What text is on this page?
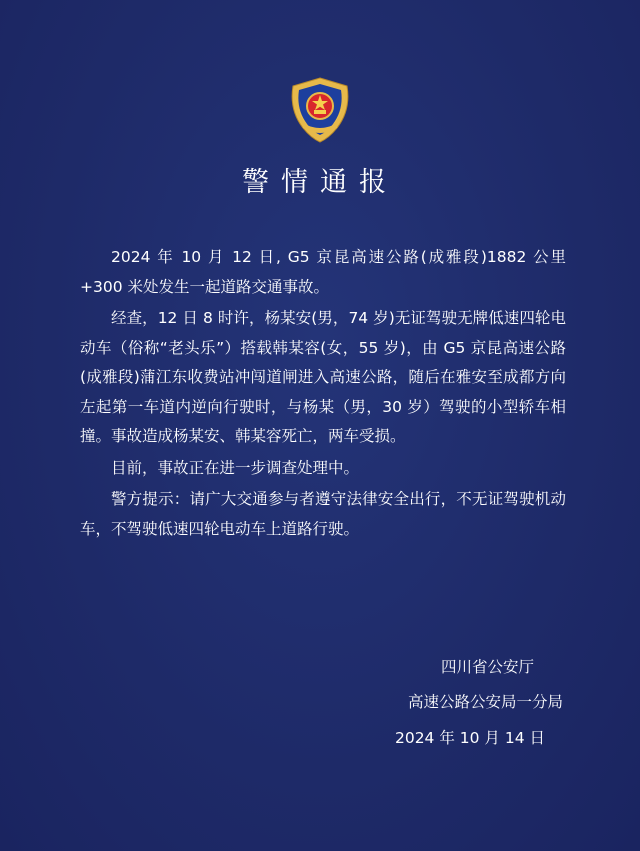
警情通报

2024 年 10 月 12 日, G5 京昆高速公路(成雅段)1882 公里+300 米处发生一起道路交通事故。

经查，12 日 8 时许，杨某安(男，74 岁)无证驾驶无牌低速四轮电动车（俗称“老头乐”）搭载韩某容(女，55 岁)，由 G5 京昆高速公路(成雅段)蒲江东收费站冲闯道闸进入高速公路，随后在雅安至成都方向左起第一车道内逆向行驶时，与杨某（男，30 岁）驾驶的小型轿车相撞。事故造成杨某安、韩某容死亡，两车受损。

目前，事故正在进一步调查处理中。

警方提示：请广大交通参与者遵守法律安全出行，不无证驾驶机动车，不驾驶低速四轮电动车上道路行驶。

四川省公安厅
高速公路公安局一分局
2024 年 10 月 14 日
